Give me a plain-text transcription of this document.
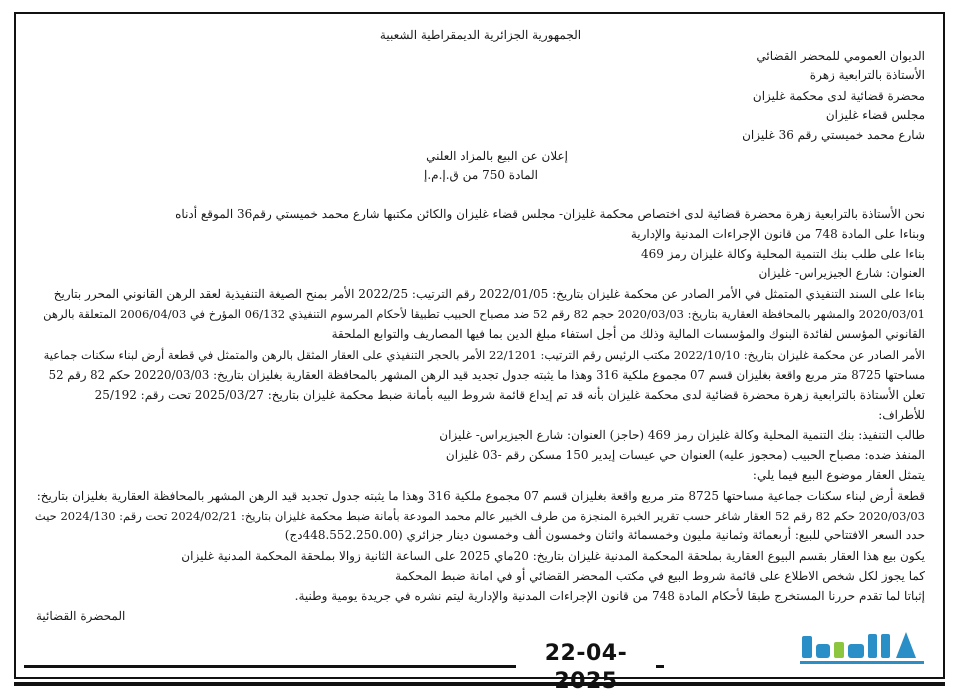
الجمهورية الجزائرية الديمقراطية الشعبية
الديوان العمومي للمحضر القضائي
الأستاذة بالترابعية زهرة
محضرة قضائية لدى محكمة غليزان
مجلس قضاء غليزان
شارع محمد خميستي رقم 36 غليزان
إعلان عن البيع بالمزاد العلني
المادة 750 من ق.إ.م.إ
نحن الأستاذة بالترابعية زهرة محضرة قضائية لدى اختصاص محكمة غليزان- مجلس قضاء غليزان والكائن مكتبها شارع محمد خميستي رقم36 الموقع أدناه
وبناءا على المادة 748 من قانون الإجراءات المدنية والإدارية
بناءا على طلب بنك التنمية المحلية وكالة غليزان رمز 469
العنوان: شارع الجيزيراس- غليزان
بناءا على السند التنفيذي المتمثل في الأمر الصادر عن محكمة غليزان بتاريخ: 2022/01/05 رقم الترتيب: 2022/25 الأمر بمنح الصيغة التنفيذية لعقد الرهن القانوني المحرر بتاريخ
2020/03/01 والمشهر بالمحافظة العقارية بتاريخ: 2020/03/03 حجم 82 رقم 52 ضد مصباح الحبيب تطبيقا لأحكام المرسوم التنفيذي 06/132 المؤرخ في 2006/04/03 المتعلقة بالرهن
القانوني المؤسس لفائدة البنوك والمؤسسات المالية وذلك من أجل استفاء مبلغ الدين بما فيها المصاريف والتوابع الملحقة
الأمر الصادر عن محكمة غليزان بتاريخ: 2022/10/10 مكتب الرئيس رقم الترتيب: 22/1201 الأمر بالحجر التنفيذي على العقار المثقل بالرهن والمتمثل في قطعة أرض لبناء سكنات جماعية
مساحتها 8725 متر مربع واقعة بغليزان قسم 07 مجموع ملكية 316 وهذا ما يثبته جدول تجديد قيد الرهن المشهر بالمحافظة العقارية بغليزان بتاريخ: 20220/03/03 حكم 82 رقم 52
تعلن الأستاذة بالترابعية زهرة محضرة قضائية لدى محكمة غليزان بأنه قد تم إيداع قائمة شروط البيه بأمانة ضبط محكمة غليزان بتاريخ: 2025/03/27 تحت رقم: 25/192
للأطراف:
طالب التنفيذ: بنك التنمية المحلية وكالة غليزان رمز 469 (حاجز) العنوان: شارع الجيزيراس- غليزان
المنفذ ضده: مصباح الحبيب (محجوز عليه) العنوان حي عيسات إيدير 150 مسكن رقم -03 غليزان
يتمثل العقار موضوع البيع فيما يلي:
قطعة أرض لبناء سكنات جماعية مساحتها 8725 متر مربع واقعة بغليزان قسم 07 مجموع ملكية 316 وهذا ما يثبته جدول تجديد قيد الرهن المشهر بالمحافظة العقارية بغليزان بتاريخ:
2020/03/03 حكم 82 رقم 52 العقار شاغر حسب تقرير الخبرة المنجزة من طرف الخبير عالم محمد المودعة بأمانة ضبط محكمة غليزان بتاريخ: 2024/02/21 تحت رقم: 2024/130 حيث
حدد السعر الافتتاحي للبيع: أربعمائة وثمانية مليون وخمسمائة واثنان وخمسون ألف وخمسون دينار جزائري (448.552.250.00دج)
يكون بيع هذا العقار بقسم البيوع العقارية بملحقة المحكمة المدنية غليزان بتاريخ: 20ماي 2025 على الساعة الثانية زوالا بملحقة المحكمة المدنية غليزان
كما يجوز لكل شخص الاطلاع على قائمة شروط البيع في مكتب المحضر القضائي أو في امانة ضبط المحكمة
إثباتا لما تقدم حررنا المستخرج طبقا لأحكام المادة 748 من قانون الإجراءات المدنية والإدارية ليتم نشره في جريدة يومية وطنية.
المحضرة القضائية
22-04-
